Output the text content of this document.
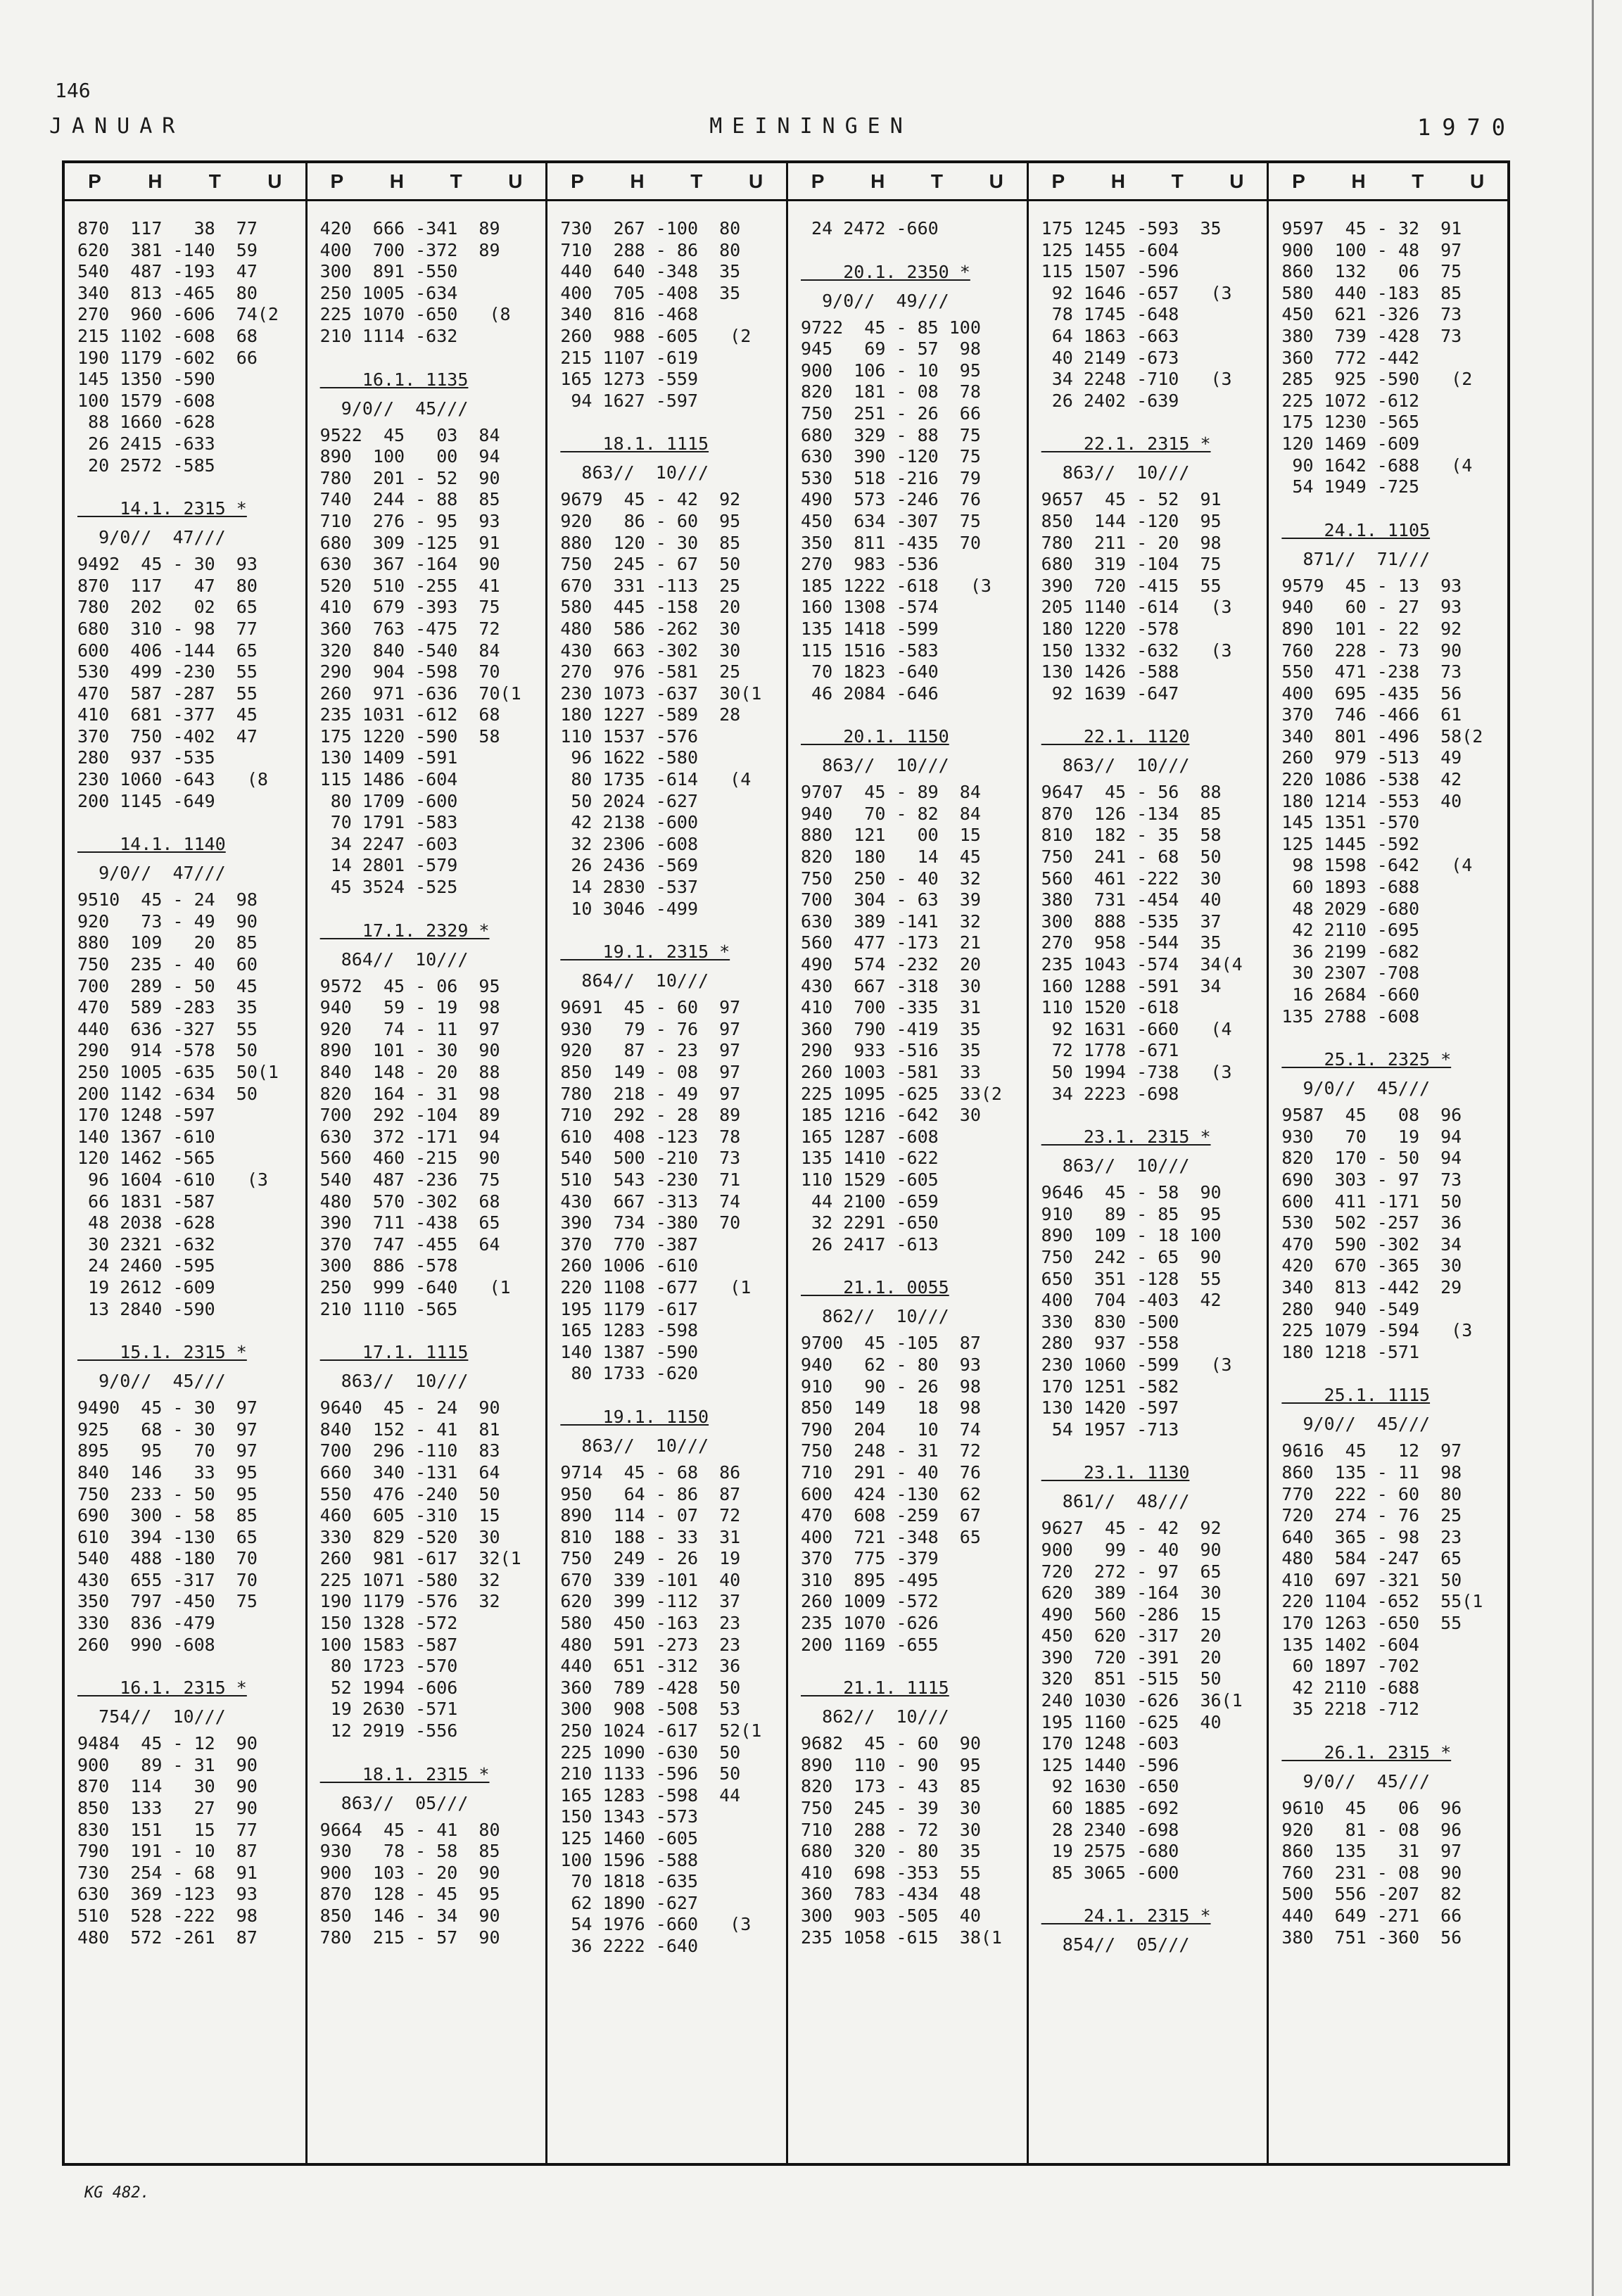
146
JANUAR	MEININGEN	1970
P H T U
870  117   38  77
620  381 -140  59
540  487 -193  47
340  813 -465  80
270  960 -606  74(2
215 1102 -608  68
190 1179 -602  66
145 1350 -590
100 1579 -608
88 1660 -628
26 2415 -633
20 2572 -585
14.1. 2315 *
9/0//  47///
9492  45 - 30  93
870  117   47  80
780  202   02  65
680  310 - 98  77
600  406 -144  65
530  499 -230  55
470  587 -287  55
410  681 -377  45
370  750 -402  47
280  937 -535
230 1060 -643   (8
200 1145 -649
14.1. 1140
9/0//  47///
9510  45 - 24  98
920   73 - 49  90
880  109   20  85
750  235 - 40  60
700  289 - 50  45
470  589 -283  35
440  636 -327  55
290  914 -578  50
250 1005 -635  50(1
200 1142 -634  50
170 1248 -597
140 1367 -610
120 1462 -565
96 1604 -610   (3
66 1831 -587
48 2038 -628
30 2321 -632
24 2460 -595
19 2612 -609
13 2840 -590
15.1. 2315 *
9/0//  45///
9490  45 - 30  97
925   68 - 30  97
895   95   70  97
840  146   33  95
750  233 - 50  95
690  300 - 58  85
610  394 -130  65
540  488 -180  70
430  655 -317  70
350  797 -450  75
330  836 -479
260  990 -608
16.1. 2315 *
754//  10///
9484  45 - 12  90
900   89 - 31  90
870  114   30  90
850  133   27  90
830  151   15  77
790  191 - 10  87
730  254 - 68  91
630  369 -123  93
510  528 -222  98
480  572 -261  87
P H T U
420  666 -341  89
400  700 -372  89
300  891 -550
250 1005 -634
225 1070 -650   (8
210 1114 -632
16.1. 1135
9/0//  45///
9522  45   03  84
890  100   00  94
780  201 - 52  90
740  244 - 88  85
710  276 - 95  93
680  309 -125  91
630  367 -164  90
520  510 -255  41
410  679 -393  75
360  763 -475  72
320  840 -540  84
290  904 -598  70
260  971 -636  70(1
235 1031 -612  68
175 1220 -590  58
130 1409 -591
115 1486 -604
80 1709 -600
70 1791 -583
34 2247 -603
14 2801 -579
45 3524 -525
17.1. 2329 *
864//  10///
9572  45 - 06  95
940   59 - 19  98
920   74 - 11  97
890  101 - 30  90
840  148 - 20  88
820  164 - 31  98
700  292 -104  89
630  372 -171  94
560  460 -215  90
540  487 -236  75
480  570 -302  68
390  711 -438  65
370  747 -455  64
300  886 -578
250  999 -640   (1
210 1110 -565
17.1. 1115
863//  10///
9640  45 - 24  90
840  152 - 41  81
700  296 -110  83
660  340 -131  64
550  476 -240  50
460  605 -310  15
330  829 -520  30
260  981 -617  32(1
225 1071 -580  32
190 1179 -576  32
150 1328 -572
100 1583 -587
80 1723 -570
52 1994 -606
19 2630 -571
12 2919 -556
18.1. 2315 *
863//  05///
9664  45 - 41  80
930   78 - 58  85
900  103 - 20  90
870  128 - 45  95
850  146 - 34  90
780  215 - 57  90
P H T U
730  267 -100  80
710  288 - 86  80
440  640 -348  35
400  705 -408  35
340  816 -468
260  988 -605   (2
215 1107 -619
165 1273 -559
94 1627 -597
18.1. 1115
863//  10///
9679  45 - 42  92
920   86 - 60  95
880  120 - 30  85
750  245 - 67  50
670  331 -113  25
580  445 -158  20
480  586 -262  30
430  663 -302  30
270  976 -581  25
230 1073 -637  30(1
180 1227 -589  28
110 1537 -576
96 1622 -580
80 1735 -614   (4
50 2024 -627
42 2138 -600
32 2306 -608
26 2436 -569
14 2830 -537
10 3046 -499
19.1. 2315 *
864//  10///
9691  45 - 60  97
930   79 - 76  97
920   87 - 23  97
850  149 - 08  97
780  218 - 49  97
710  292 - 28  89
610  408 -123  78
540  500 -210  73
510  543 -230  71
430  667 -313  74
390  734 -380  70
370  770 -387
260 1006 -610
220 1108 -677   (1
195 1179 -617
165 1283 -598
140 1387 -590
80 1733 -620
19.1. 1150
863//  10///
9714  45 - 68  86
950   64 - 86  87
890  114 - 07  72
810  188 - 33  31
750  249 - 26  19
670  339 -101  40
620  399 -112  37
580  450 -163  23
480  591 -273  23
440  651 -312  36
360  789 -428  50
300  908 -508  53
250 1024 -617  52(1
225 1090 -630  50
210 1133 -596  50
165 1283 -598  44
150 1343 -573
125 1460 -605
100 1596 -588
70 1818 -635
62 1890 -627
54 1976 -660   (3
36 2222 -640
P H T U
24 2472 -660
20.1. 2350 *
9/0//  49///
9722  45 - 85 100
945   69 - 57  98
900  106 - 10  95
820  181 - 08  78
750  251 - 26  66
680  329 - 88  75
630  390 -120  75
530  518 -216  79
490  573 -246  76
450  634 -307  75
350  811 -435  70
270  983 -536
185 1222 -618   (3
160 1308 -574
135 1418 -599
115 1516 -583
70 1823 -640
46 2084 -646
20.1. 1150
863//  10///
9707  45 - 89  84
940   70 - 82  84
880  121   00  15
820  180   14  45
750  250 - 40  32
700  304 - 63  39
630  389 -141  32
560  477 -173  21
490  574 -232  20
430  667 -318  30
410  700 -335  31
360  790 -419  35
290  933 -516  35
260 1003 -581  33
225 1095 -625  33(2
185 1216 -642  30
165 1287 -608
135 1410 -622
110 1529 -605
44 2100 -659
32 2291 -650
26 2417 -613
21.1. 0055
862//  10///
9700  45 -105  87
940   62 - 80  93
910   90 - 26  98
850  149   18  98
790  204   10  74
750  248 - 31  72
710  291 - 40  76
600  424 -130  62
470  608 -259  67
400  721 -348  65
370  775 -379
310  895 -495
260 1009 -572
235 1070 -626
200 1169 -655
21.1. 1115
862//  10///
9682  45 - 60  90
890  110 - 90  95
820  173 - 43  85
750  245 - 39  30
710  288 - 72  30
680  320 - 80  35
410  698 -353  55
360  783 -434  48
300  903 -505  40
235 1058 -615  38(1
P H T U
175 1245 -593  35
125 1455 -604
115 1507 -596
92 1646 -657   (3
78 1745 -648
64 1863 -663
40 2149 -673
34 2248 -710   (3
26 2402 -639
22.1. 2315 *
863//  10///
9657  45 - 52  91
850  144 -120  95
780  211 - 20  98
680  319 -104  75
390  720 -415  55
205 1140 -614   (3
180 1220 -578
150 1332 -632   (3
130 1426 -588
92 1639 -647
22.1. 1120
863//  10///
9647  45 - 56  88
870  126 -134  85
810  182 - 35  58
750  241 - 68  50
560  461 -222  30
380  731 -454  40
300  888 -535  37
270  958 -544  35
235 1043 -574  34(4
160 1288 -591  34
110 1520 -618
92 1631 -660   (4
72 1778 -671
50 1994 -738   (3
34 2223 -698
23.1. 2315 *
863//  10///
9646  45 - 58  90
910   89 - 85  95
890  109 - 18 100
750  242 - 65  90
650  351 -128  55
400  704 -403  42
330  830 -500
280  937 -558
230 1060 -599   (3
170 1251 -582
130 1420 -597
54 1957 -713
23.1. 1130
861//  48///
9627  45 - 42  92
900   99 - 40  90
720  272 - 97  65
620  389 -164  30
490  560 -286  15
450  620 -317  20
390  720 -391  20
320  851 -515  50
240 1030 -626  36(1
195 1160 -625  40
170 1248 -603
125 1440 -596
92 1630 -650
60 1885 -692
28 2340 -698
19 2575 -680
85 3065 -600
24.1. 2315 *
854//  05///
P H T U
9597  45 - 32  91
900  100 - 48  97
860  132   06  75
580  440 -183  85
450  621 -326  73
380  739 -428  73
360  772 -442
285  925 -590   (2
225 1072 -612
175 1230 -565
120 1469 -609
90 1642 -688   (4
54 1949 -725
24.1. 1105
871//  71///
9579  45 - 13  93
940   60 - 27  93
890  101 - 22  92
760  228 - 73  90
550  471 -238  73
400  695 -435  56
370  746 -466  61
340  801 -496  58(2
260  979 -513  49
220 1086 -538  42
180 1214 -553  40
145 1351 -570
125 1445 -592
98 1598 -642   (4
60 1893 -688
48 2029 -680
42 2110 -695
36 2199 -682
30 2307 -708
16 2684 -660
135 2788 -608
25.1. 2325 *
9/0//  45///
9587  45   08  96
930   70   19  94
820  170 - 50  94
690  303 - 97  73
600  411 -171  50
530  502 -257  36
470  590 -302  34
420  670 -365  30
340  813 -442  29
280  940 -549
225 1079 -594   (3
180 1218 -571
25.1. 1115
9/0//  45///
9616  45   12  97
860  135 - 11  98
770  222 - 60  80
720  274 - 76  25
640  365 - 98  23
480  584 -247  65
410  697 -321  50
220 1104 -652  55(1
170 1263 -650  55
135 1402 -604
60 1897 -702
42 2110 -688
35 2218 -712
26.1. 2315 *
9/0//  45///
9610  45   06  96
920   81 - 08  96
860  135   31  97
760  231 - 08  90
500  556 -207  82
440  649 -271  66
380  751 -360  56
KG 482.
